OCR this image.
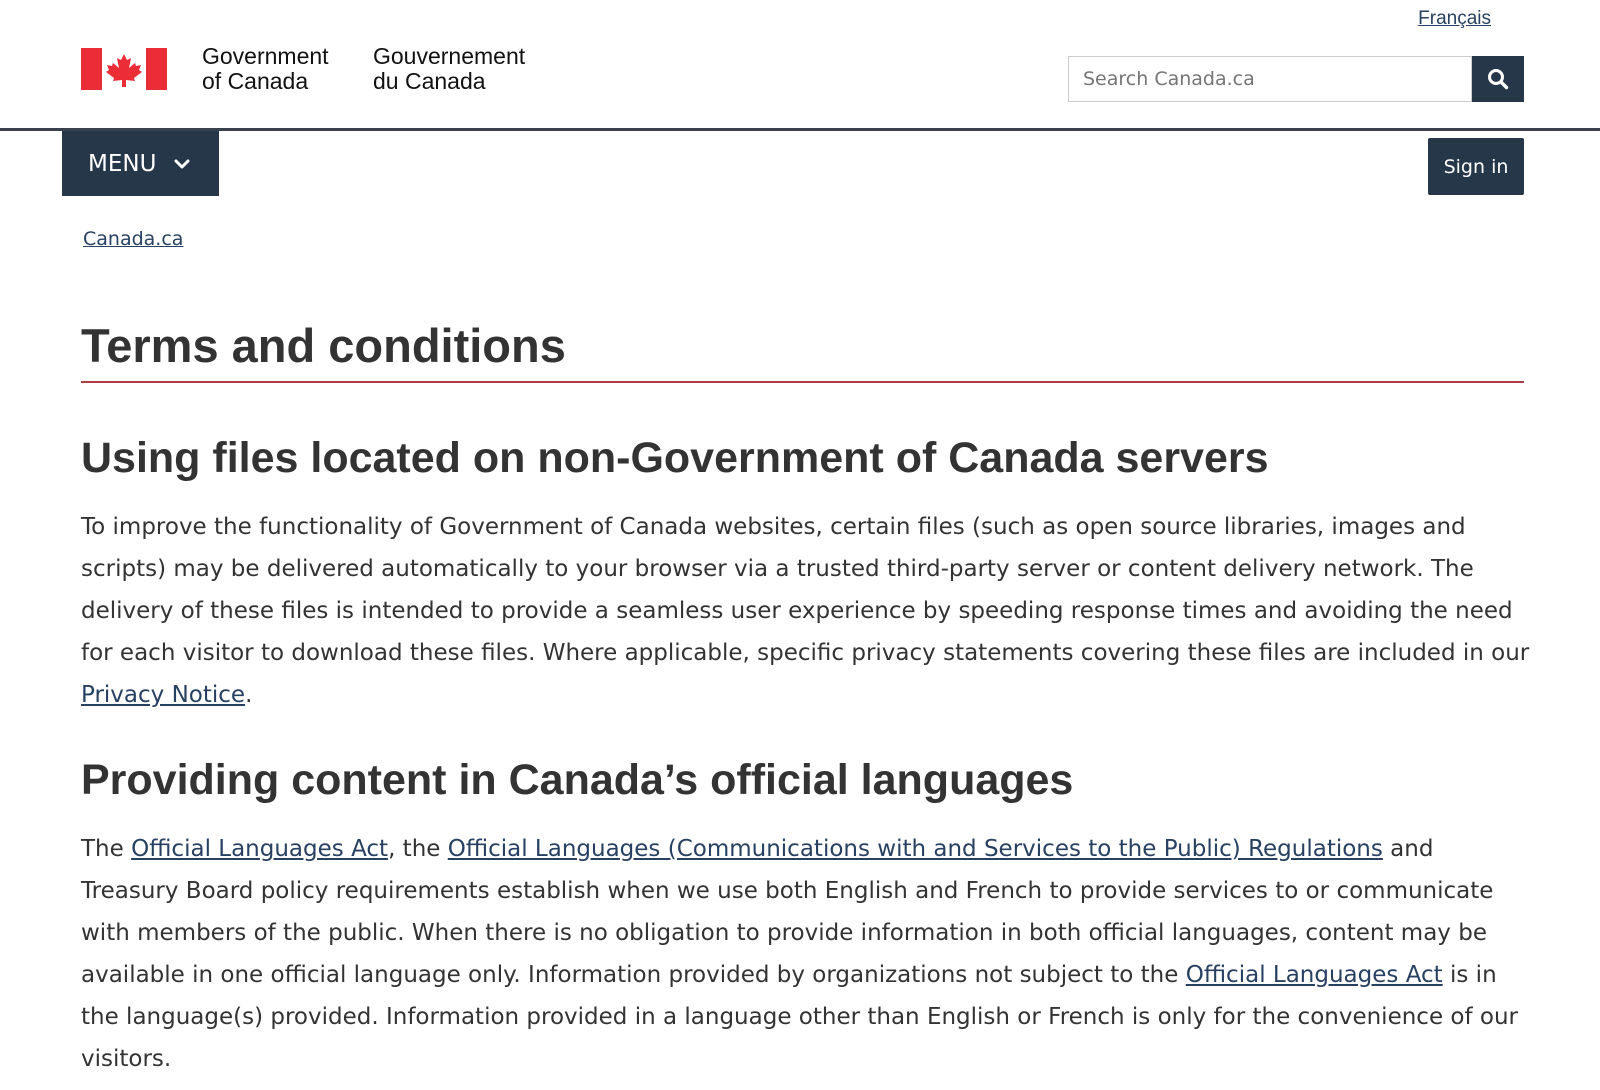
Français
Government
of Canada
Gouvernement
du Canada
Search Canada.ca
MENU	Sign in
Canada.ca
Terms and conditions
Using files located on non-Government of Canada servers

To improve the functionality of Government of Canada websites, certain files (such as open source libraries, images and scripts) may be delivered automatically to your browser via a trusted third-party server or content delivery network. The delivery of these files is intended to provide a seamless user experience by speeding response times and avoiding the need for each visitor to download these files. Where applicable, specific privacy statements covering these files are included in our Privacy Notice.

Providing content in Canada’s official languages

The Official Languages Act, the Official Languages (Communications with and Services to the Public) Regulations and Treasury Board policy requirements establish when we use both English and French to provide services to or communicate with members of the public. When there is no obligation to provide information in both official languages, content may be available in one official language only. Information provided by organizations not subject to the Official Languages Act is in the language(s) provided. Information provided in a language other than English or French is only for the convenience of our visitors.
